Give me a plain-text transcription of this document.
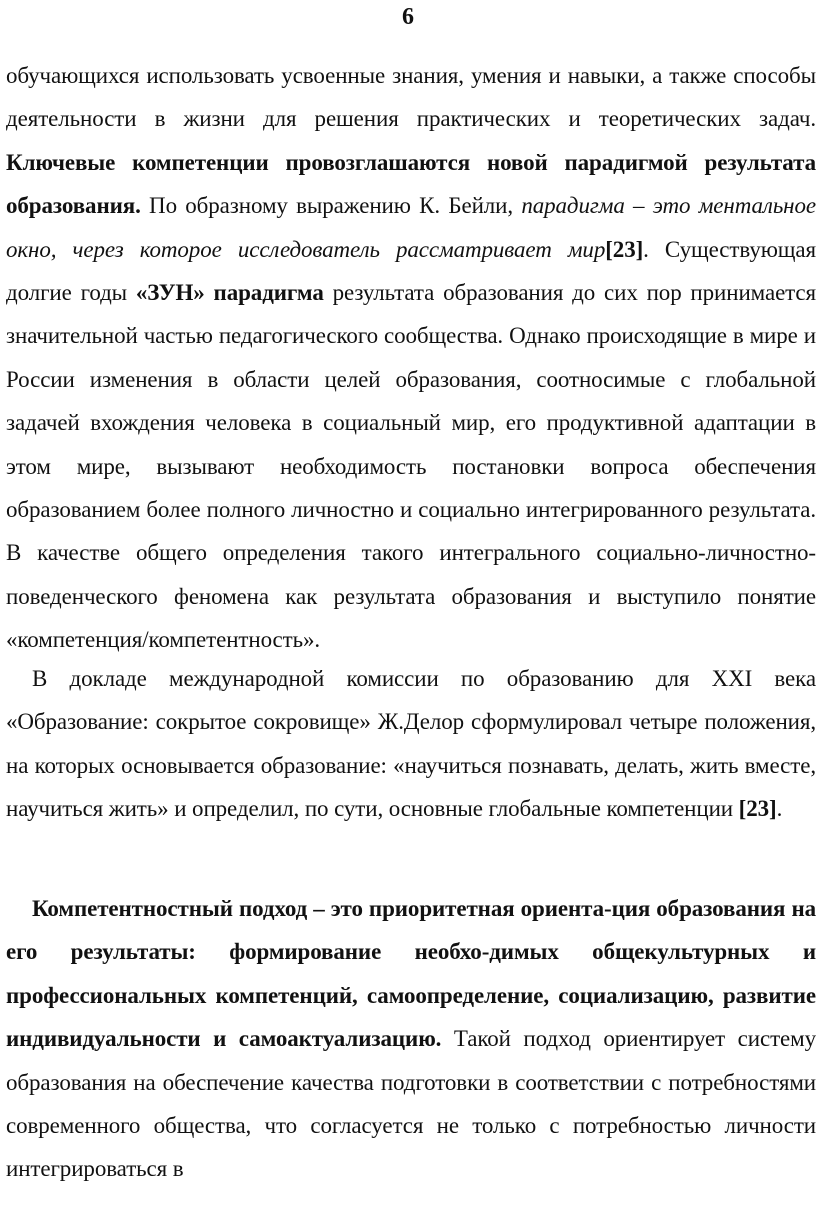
6

обучающихся использовать усвоенные знания, умения и навыки, а также способы деятельности в жизни для решения практических и теоретических задач. Ключевые компетенции провозглашаются новой парадигмой результата образования. По образному выражению К. Бейли, парадигма – это ментальное окно, через которое исследователь рассматривает мир[23]. Существующая долгие годы «ЗУН» парадигма результата образования до сих пор принимается значительной частью педагогического сообщества. Однако происходящие в мире и России изменения в области целей образования, соотносимые с глобальной задачей вхождения человека в социальный мир, его продуктивной адаптации в этом мире, вызывают необходимость постановки вопроса обеспечения образованием более полного личностно и социально интегрированного результата. В качестве общего определения такого интегрального социально-личностно-поведенческого феномена как результата образования и выступило понятие «компетенция/компетентность».

В докладе международной комиссии по образованию для XXI века «Образование: сокрытое сокровище» Ж.Делор сформулировал четыре положения, на которых основывается образование: «научиться познавать, делать, жить вместе, научиться жить» и определил, по сути, основные глобальные компетенции [23].

Компетентностный подход – это приоритетная ориента-ция образования на его результаты: формирование необхо-димых общекультурных и профессиональных компетенций, самоопределение, социализацию, развитие индивидуальности и самоактуализацию. Такой подход ориентирует систему образования на обеспечение качества подготовки в соответствии с потребностями современного общества, что согласуется не только с потребностью личности интегрироваться в
